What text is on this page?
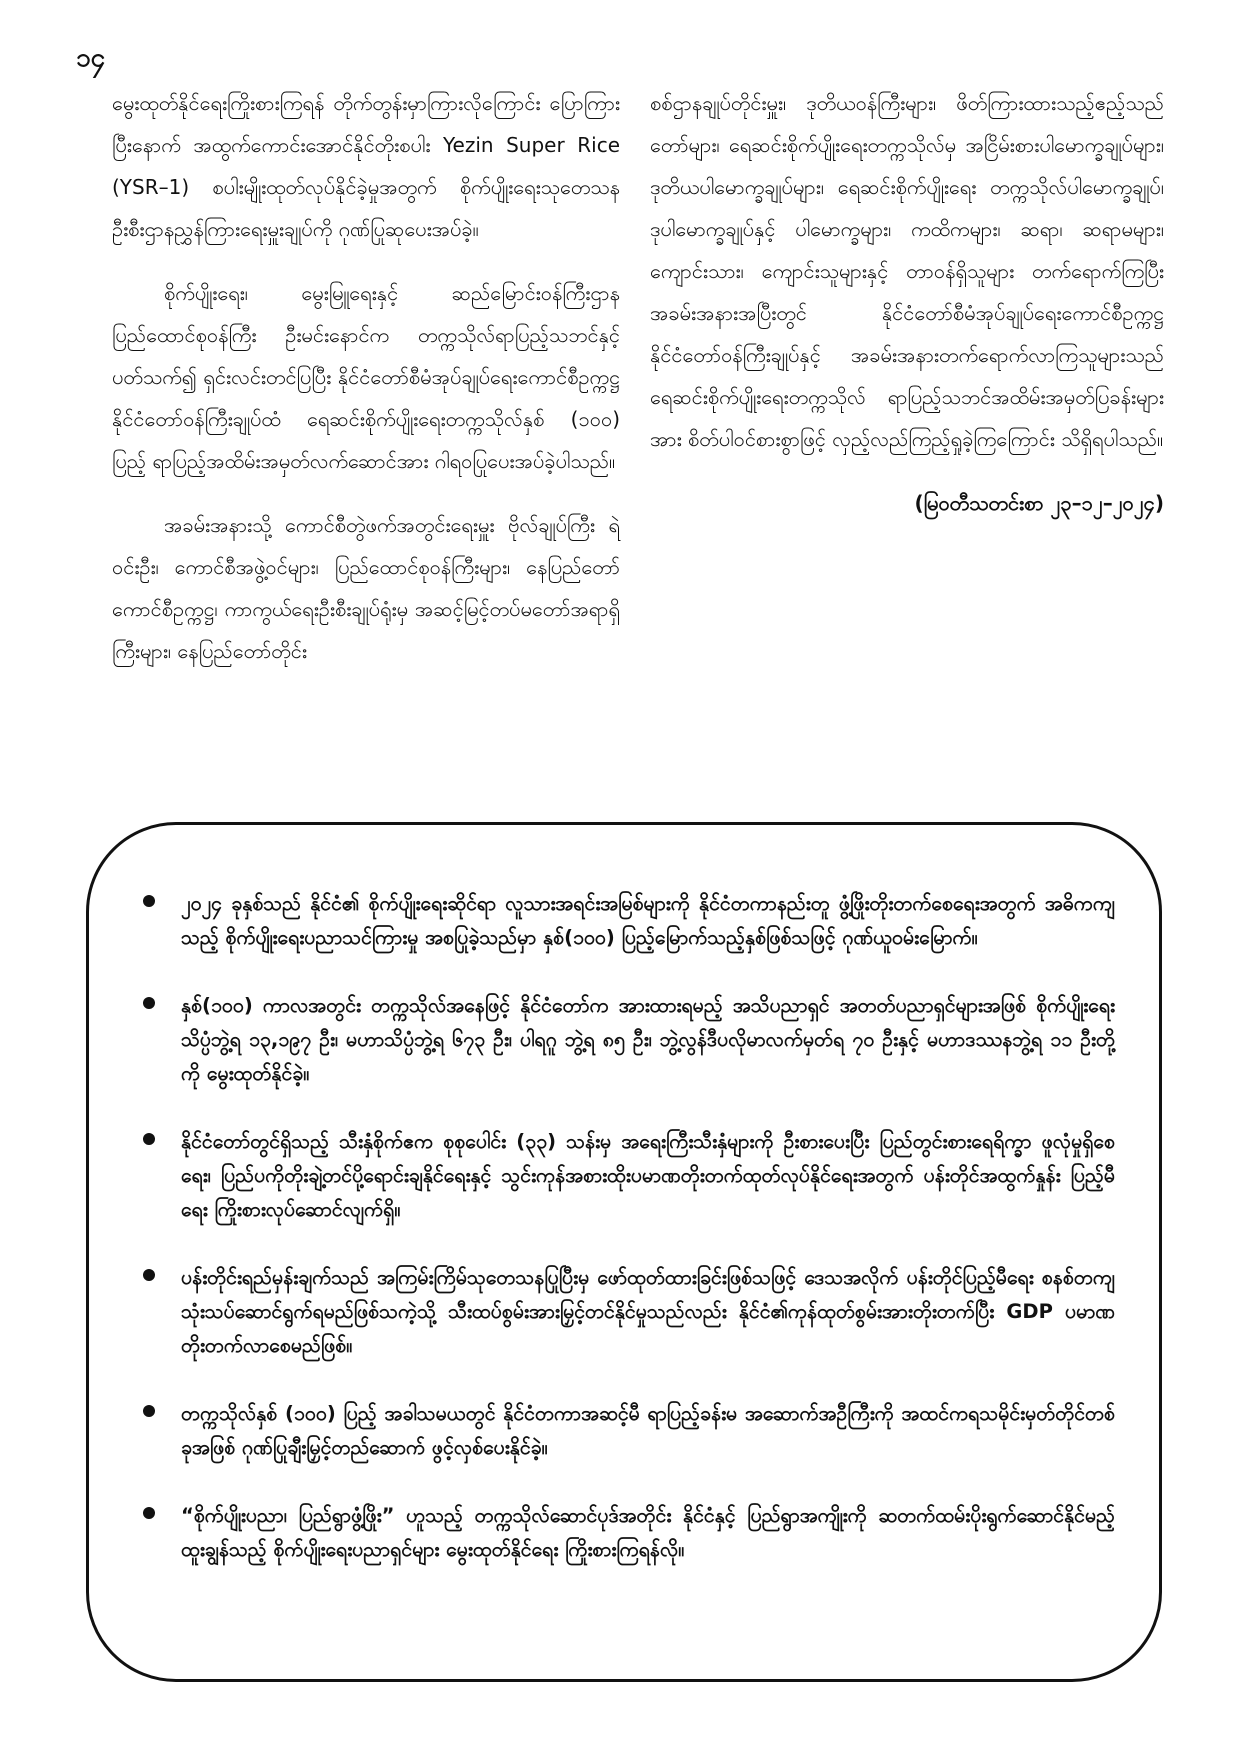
၁၄

မွေးထုတ်နိုင်ရေးကြိုးစားကြရန် တိုက်တွန်းမှာကြားလိုကြောင်း ပြောကြားပြီးနောက် အထွက်ကောင်းအောင်နိုင်တိုးစပါး Yezin Super Rice (YSR–1) စပါးမျိုးထုတ်လုပ်နိုင်ခဲ့မှုအတွက် စိုက်ပျိုးရေးသုတေသနဦးစီးဌာနညွှန်ကြားရေးမှူးချုပ်ကို ဂုဏ်ပြုဆုပေးအပ်ခဲ့။

စိုက်ပျိုးရေး၊ မွေးမြူရေးနှင့် ဆည်မြောင်းဝန်ကြီးဌာနပြည်ထောင်စုဝန်ကြီး ဦးမင်းနောင်က တက္ကသိုလ်ရာပြည့်သဘင်နှင့်ပတ်သက်၍ ရှင်းလင်းတင်ပြပြီး နိုင်ငံတော်စီမံအုပ်ချုပ်ရေးကောင်စီဥက္ကဋ္ဌ နိုင်ငံတော်ဝန်ကြီးချုပ်ထံ ရေဆင်းစိုက်ပျိုးရေးတက္ကသိုလ်နှစ် (၁၀၀) ပြည့် ရာပြည့်အထိမ်းအမှတ်လက်ဆောင်အား ဂါရဝပြုပေးအပ်ခဲ့ပါသည်။

အခမ်းအနားသို့ ကောင်စီတွဲဖက်အတွင်းရေးမှူး ဗိုလ်ချုပ်ကြီး ရဲဝင်းဦး၊ ကောင်စီအဖွဲ့ဝင်များ၊ ပြည်ထောင်စုဝန်ကြီးများ၊ နေပြည်တော်ကောင်စီဥက္ကဋ္ဌ၊ ကာကွယ်ရေးဦးစီးချုပ်ရုံးမှ အဆင့်မြင့်တပ်မတော်အရာရှိကြီးများ၊ နေပြည်တော်တိုင်း

စစ်ဌာနချုပ်တိုင်းမှူး၊ ဒုတိယဝန်ကြီးများ၊ ဖိတ်ကြားထားသည့်ဧည့်သည်တော်များ၊ ရေဆင်းစိုက်ပျိုးရေးတက္ကသိုလ်မှ အငြိမ်းစားပါမောက္ခချုပ်များ၊ ဒုတိယပါမောက္ခချုပ်များ၊ ရေဆင်းစိုက်ပျိုးရေး တက္ကသိုလ်ပါမောက္ခချုပ်၊ ဒုပါမောက္ခချုပ်နှင့် ပါမောက္ခများ၊ ကထိကများ၊ ဆရာ၊ ဆရာမများ၊ ကျောင်းသား၊ ကျောင်းသူများနှင့် တာဝန်ရှိသူများ တက်ရောက်ကြပြီး အခမ်းအနားအပြီးတွင် နိုင်ငံတော်စီမံအုပ်ချုပ်ရေးကောင်စီဥက္ကဋ္ဌ နိုင်ငံတော်ဝန်ကြီးချုပ်နှင့် အခမ်းအနားတက်ရောက်လာကြသူများသည်ရေဆင်းစိုက်ပျိုးရေးတက္ကသိုလ် ရာပြည့်သဘင်အထိမ်းအမှတ်ပြခန်းများအား စိတ်ပါဝင်စားစွာဖြင့် လှည့်လည်ကြည့်ရှုခဲ့ကြကြောင်း သိရှိရပါသည်။

(မြဝတီသတင်းစာ ၂၃–၁၂–၂၀၂၄)
၂၀၂၄ ခုနှစ်သည် နိုင်ငံ၏ စိုက်ပျိုးရေးဆိုင်ရာ လူသားအရင်းအမြစ်များကို နိုင်ငံတကာနည်းတူ ဖွံ့ဖြိုးတိုးတက်စေရေးအတွက် အဓိကကျသည့် စိုက်ပျိုးရေးပညာသင်ကြားမှု အစပြုခဲ့သည်မှာ နှစ်(၁၀၀) ပြည့်မြောက်သည့်နှစ်ဖြစ်သဖြင့် ဂုဏ်ယူဝမ်းမြောက်။
နှစ်(၁၀၀) ကာလအတွင်း တက္ကသိုလ်အနေဖြင့် နိုင်ငံတော်က အားထားရမည့် အသိပညာရှင် အတတ်ပညာရှင်များအဖြစ် စိုက်ပျိုးရေးသိပ္ပံဘွဲ့ရ ၁၃,၁၉၇ ဦး၊ မဟာသိပ္ပံဘွဲ့ရ ၆၇၃ ဦး၊ ပါရဂူ ဘွဲ့ရ ၈၅ ဦး၊ ဘွဲ့လွန်ဒီပလိုမာလက်မှတ်ရ ၇၀ ဦးနှင့် မဟာဒဿနဘွဲ့ရ ၁၁ ဦးတို့ကို မွေးထုတ်နိုင်ခဲ့။
နိုင်ငံတော်တွင်ရှိသည့် သီးနှံစိုက်ဧက စုစုပေါင်း (၃၃) သန်းမှ အရေးကြီးသီးနှံများကို ဦးစားပေးပြီး ပြည်တွင်းစားရေရိက္ခာ ဖူလုံမှုရှိစေရေး၊ ပြည်ပကိုတိုးချဲ့တင်ပို့ရောင်းချနိုင်ရေးနှင့် သွင်းကုန်အစားထိုးပမာဏတိုးတက်ထုတ်လုပ်နိုင်ရေးအတွက် ပန်းတိုင်အထွက်နှုန်း ပြည့်မီရေး ကြိုးစားလုပ်ဆောင်လျက်ရှိ။
ပန်းတိုင်းရည်မှန်းချက်သည် အကြမ်းကြိမ်သုတေသနပြုပြီးမှ ဖော်ထုတ်ထားခြင်းဖြစ်သဖြင့် ဒေသအလိုက် ပန်းတိုင်ပြည့်မီရေး စနစ်တကျ သုံးသပ်ဆောင်ရွက်ရမည်ဖြစ်သကဲ့သို့ သီးထပ်စွမ်းအားမြှင့်တင်နိုင်မှုသည်လည်း နိုင်ငံ၏ကုန်ထုတ်စွမ်းအားတိုးတက်ပြီး GDP ပမာဏတိုးတက်လာစေမည်ဖြစ်။
တက္ကသိုလ်နှစ် (၁၀၀) ပြည့် အခါသမယတွင် နိုင်ငံတကာအဆင့်မီ ရာပြည့်ခန်းမ အဆောက်အဦကြီးကို အထင်ကရသမိုင်းမှတ်တိုင်တစ်ခုအဖြစ် ဂုဏ်ပြုချီးမြှင့်တည်ဆောက် ဖွင့်လှစ်ပေးနိုင်ခဲ့။
“စိုက်ပျိုးပညာ၊ ပြည်ရွာဖွံ့ဖြိုး” ဟူသည့် တက္ကသိုလ်ဆောင်ပုဒ်အတိုင်း နိုင်ငံနှင့် ပြည်ရွာအကျိုးကို ဆတက်ထမ်းပိုးရွက်ဆောင်နိုင်မည့် ထူးချွန်သည့် စိုက်ပျိုးရေးပညာရှင်များ မွေးထုတ်နိုင်ရေး ကြိုးစားကြရန်လို။
